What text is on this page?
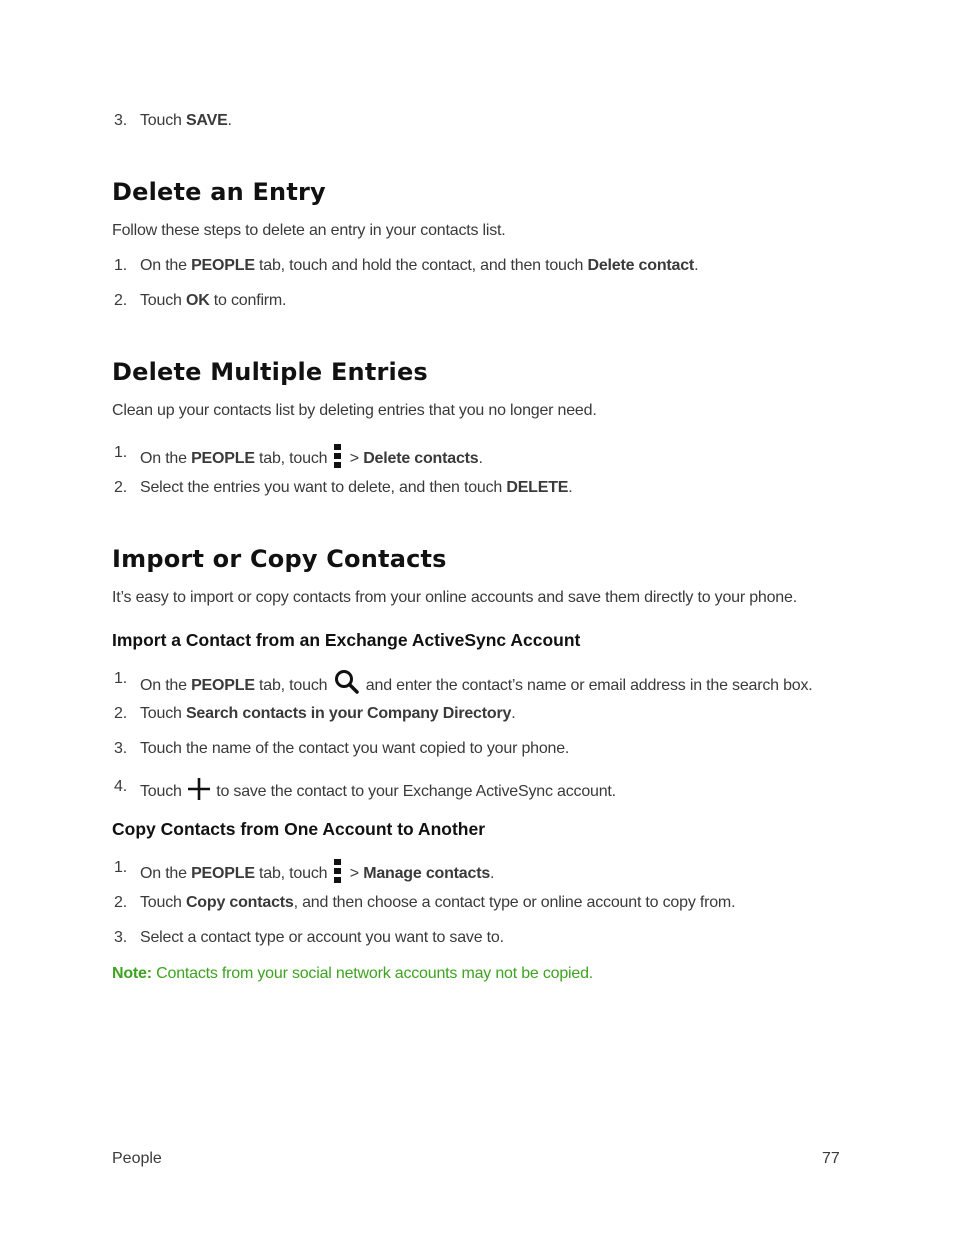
3. Touch SAVE.
Delete an Entry
Follow these steps to delete an entry in your contacts list.
1. On the PEOPLE tab, touch and hold the contact, and then touch Delete contact.
2. Touch OK to confirm.
Delete Multiple Entries
Clean up your contacts list by deleting entries that you no longer need.
1. On the PEOPLE tab, touch
> Delete contacts.
2. Select the entries you want to delete, and then touch DELETE.
Import or Copy Contacts
It’s easy to import or copy contacts from your online accounts and save them directly to your phone.
Import a Contact from an Exchange ActiveSync Account
1. On the PEOPLE tab, touch  and enter the contact’s name or email address in the search box.
2. Touch Search contacts in your Company Directory.
3. Touch the name of the contact you want copied to your phone.
4. Touch  to save the contact to your Exchange ActiveSync account.
Copy Contacts from One Account to Another
1. On the PEOPLE tab, touch
> Manage contacts.
2. Touch Copy contacts, and then choose a contact type or online account to copy from.
3. Select a contact type or account you want to save to.
Note: Contacts from your social network accounts may not be copied.
People	77
